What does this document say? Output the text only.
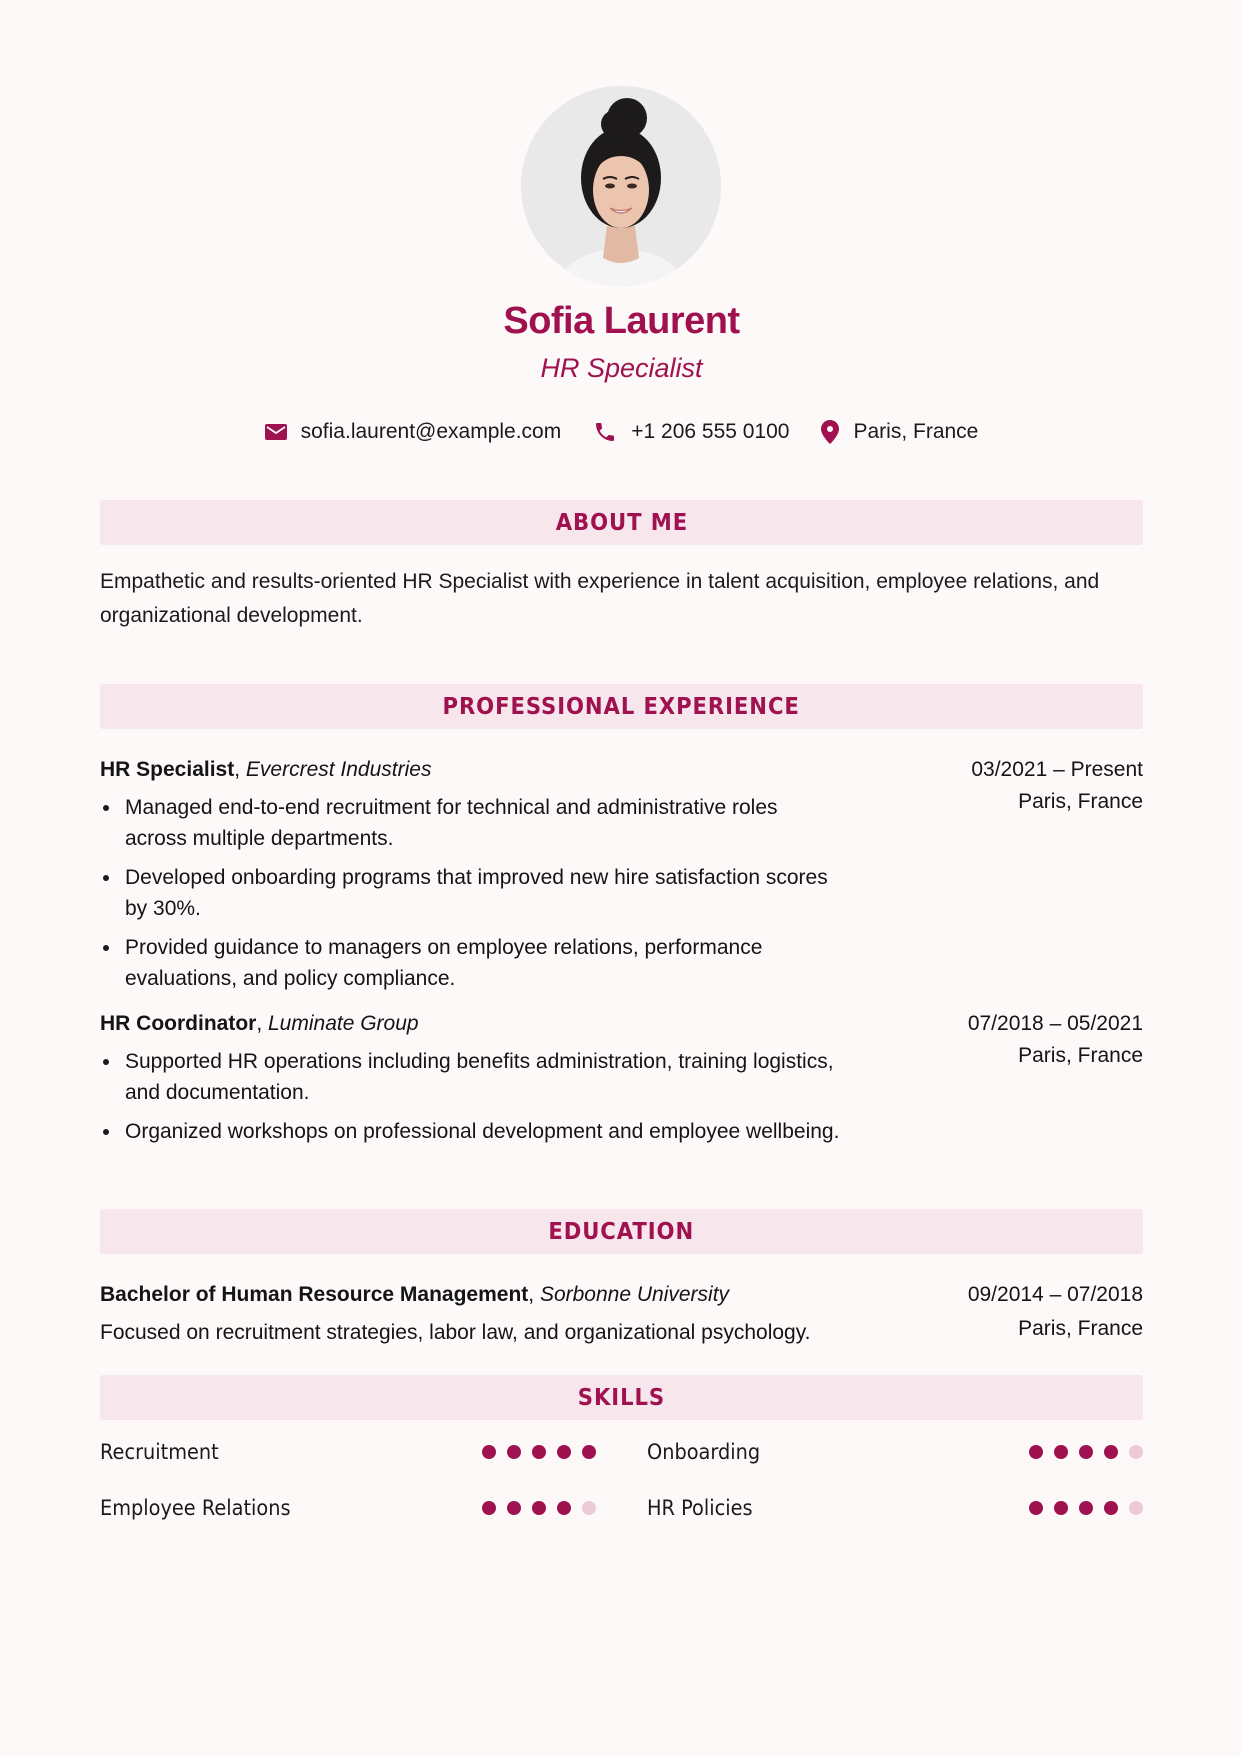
Sofia Laurent
HR Specialist
sofia.laurent@example.com	+1 206 555 0100	Paris, France
ABOUT ME
Empathetic and results-oriented HR Specialist with experience in talent acquisition, employee relations, and organizational development.
PROFESSIONAL EXPERIENCE
HR Specialist, Evercrest Industries	03/2021 – Present
Paris, France
Managed end-to-end recruitment for technical and administrative roles across multiple departments.
Developed onboarding programs that improved new hire satisfaction scores by 30%.
Provided guidance to managers on employee relations, performance evaluations, and policy compliance.
HR Coordinator, Luminate Group	07/2018 – 05/2021
Paris, France
Supported HR operations including benefits administration, training logistics, and documentation.
Organized workshops on professional development and employee wellbeing.
EDUCATION
Bachelor of Human Resource Management, Sorbonne University	09/2014 – 07/2018
Paris, France
Focused on recruitment strategies, labor law, and organizational psychology.
SKILLS
Recruitment	Onboarding
Employee Relations	HR Policies
